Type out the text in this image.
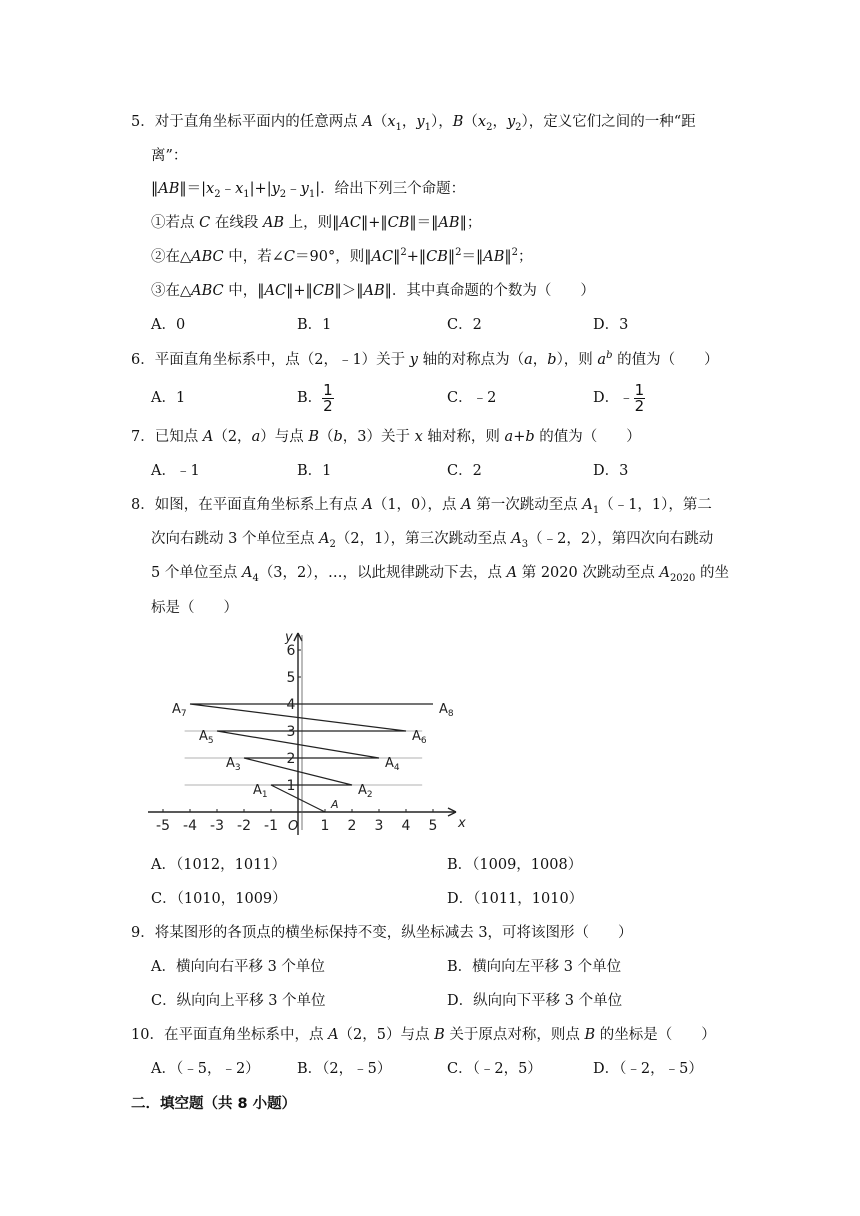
5．对于直角坐标平面内的任意两点 $A(x_1$，$y_1$），$B(x_2$，$y_2$），定义它们之间的一种“距
离”：
$‖AB‖=|x_2﹣x_1|+|y_2﹣y_1|$．给出下列三个命题：
①若点 C 在线段 AB 上，则‖AC‖+‖CB‖＝‖AB‖；
②在△ABC 中，若∠C＝90°，则‖AC‖$^2$+‖CB‖$^2$＝‖AB‖$^2$；
③在△ABC 中，‖AC‖+‖CB‖＞‖AB‖．其中真命题的个数为（　　）
A．0	B．1	C．2	D．3
6．平面直角坐标系中，点（2，﹣1）关于 y 轴的对称点为（a，b），则 $a^b$ 的值为（　　）
A．1	B． $\frac{1}{2}$	C．﹣2	D．﹣ $\frac{1}{2}$
7．已知点 A（2，a）与点 B（b，3）关于 x 轴对称，则 a+b 的值为（　　）
A．﹣1	B．1	C．2	D．3
8．如图，在平面直角坐标系上有点 A（1，0），点 A 第一次跳动至点 $A_1(﹣1$，1），第二
次向右跳动 3 个单位至点 $A_2(2$，1），第三次跳动至点 $A_3(﹣2$，2），第四次向右跳动
5 个单位至点 $A_4(3$，2），…，以此规律跳动下去，点 A 第 2020 次跳动至点 $A_{2020}$ 的坐
标是（　　）
-5 -4 -3 -2 -1	1 2 3 4 5
1
2
3
4
5
6
x
y
O
A
$A_1$	$A_2$
$A_3$	$A_4$
$A_5$	$A_6$
$A_7$	$A_8$
A．（1012，1011）	B．（1009，1008）
C．（1010，1009）	D．（1011，1010）
9．将某图形的各顶点的横坐标保持不变，纵坐标减去 3，可将该图形（　　）
A．横向向右平移 3 个单位	B．横向向左平移 3 个单位
C．纵向向上平移 3 个单位	D．纵向向下平移 3 个单位
10．在平面直角坐标系中，点 A（2，5）与点 B 关于原点对称，则点 B 的坐标是（　　）
A．（﹣5，﹣2）	B．（2，﹣5）	C．（﹣2，5）	D．（﹣2，﹣5）
二．填空题（共 8 小题）
